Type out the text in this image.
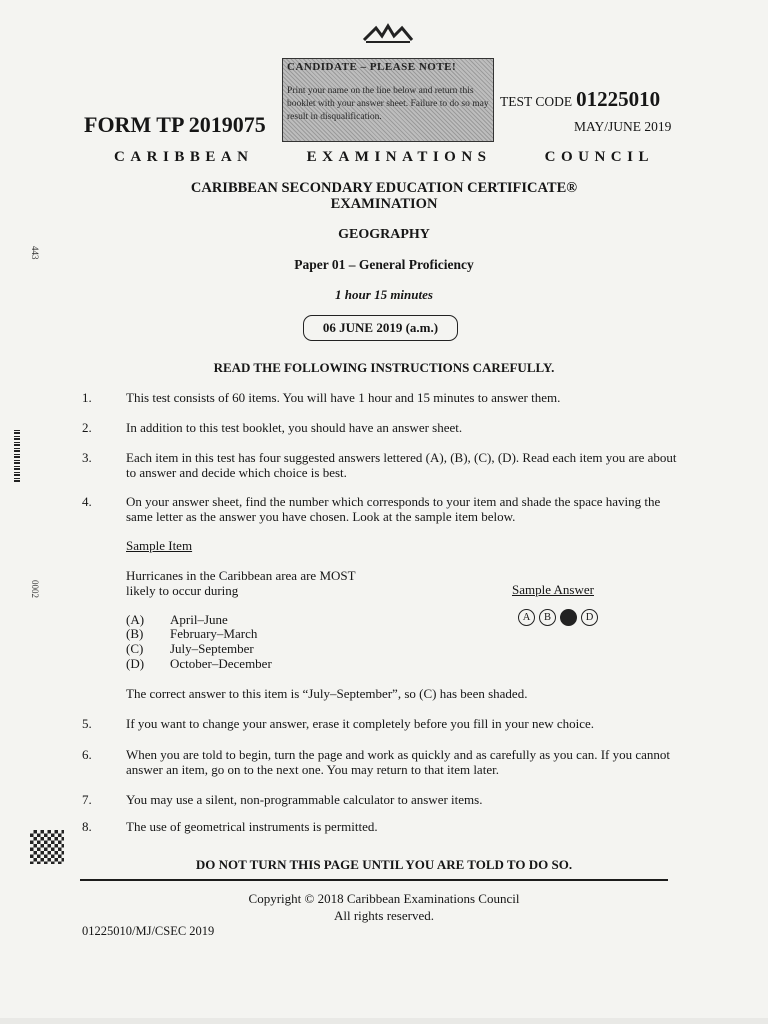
CANDIDATE – PLEASE NOTE!
Print your name on the line below and return this booklet with your answer sheet. Failure to do so may result in disqualification.
FORM TP 2019075
TEST CODE 01225010
MAY/JUNE 2019
CARIBBEAN	EXAMINATIONS	COUNCIL
CARIBBEAN SECONDARY EDUCATION CERTIFICATE®
EXAMINATION
GEOGRAPHY
Paper 01 – General Proficiency
1 hour 15 minutes
06 JUNE 2019 (a.m.)
READ THE FOLLOWING INSTRUCTIONS CAREFULLY.
1.	This test consists of 60 items. You will have 1 hour and 15 minutes to answer them.
2.	In addition to this test booklet, you should have an answer sheet.
3.	Each item in this test has four suggested answers lettered (A), (B), (C), (D). Read each item you are about to answer and decide which choice is best.
4.	On your answer sheet, find the number which corresponds to your item and shade the space having the same letter as the answer you have chosen. Look at the sample item below.
Sample Item
Hurricanes in the Caribbean area are MOST likely to occur during
(A) April–June
(B) February–March
(C) July–September
(D) October–December
Sample Answer
A	B	C	D
The correct answer to this item is “July–September”, so (C) has been shaded.
5.	If you want to change your answer, erase it completely before you fill in your new choice.
6.	When you are told to begin, turn the page and work as quickly and as carefully as you can. If you cannot answer an item, go on to the next one. You may return to that item later.
7.	You may use a silent, non-programmable calculator to answer items.
8.	The use of geometrical instruments is permitted.
DO NOT TURN THIS PAGE UNTIL YOU ARE TOLD TO DO SO.
Copyright © 2018 Caribbean Examinations Council
All rights reserved.
01225010/MJ/CSEC 2019
443
0002
